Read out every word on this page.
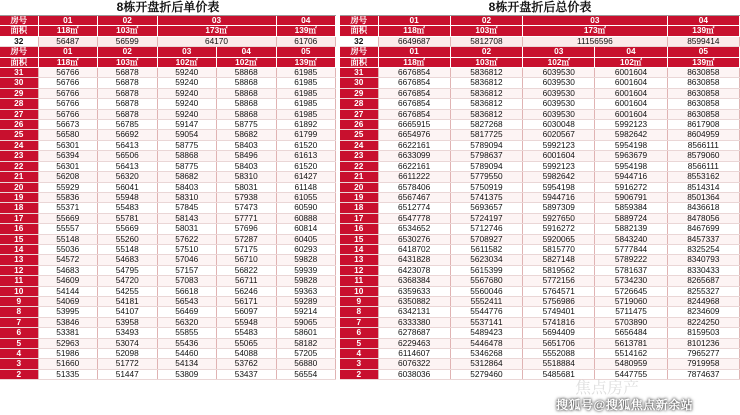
8栋开盘折后单价表
房号	01	02	03		04
面积	118㎡	103㎡	173㎡		139㎡
32	56487	56599	64170		61706
房号	01	02	03	04	05
面积	118㎡	103㎡	102㎡	102㎡	139㎡
31	56766	56878	59240	58868	61985
30	56766	56878	59240	58868	61985
29	56766	56878	59240	58868	61985
28	56766	56878	59240	58868	61985
27	56766	56878	59240	58868	61985
26	56673	56785	59147	58775	61892
25	56580	56692	59054	58682	61799
24	56301	56413	58775	58403	61520
23	56394	56506	58868	58496	61613
22	56301	56413	58775	58403	61520
21	56208	56320	58682	58310	61427
20	55929	56041	58403	58031	61148
19	55836	55948	58310	57938	61055
18	55371	55483	57845	57473	60590
17	55669	55781	58143	57771	60888
16	55557	55669	58031	57696	60814
15	55148	55260	57622	57287	60405
14	55036	55148	57510	57175	60293
13	54572	54683	57046	56710	59828
12	54683	54795	57157	56822	59939
11	54609	54720	57083	56711	59828
10	54144	54255	56618	56246	59363
9	54069	54181	56543	56171	59289
8	53995	54107	56469	56097	59214
7	53846	53958	56320	55948	59065
6	53381	53493	55855	55483	58601
5	52963	53074	55436	55065	58182
4	51986	52098	54460	54088	57205
3	51660	51772	54134	53762	56880
2	51335	51447	53809	53437	56554
8栋开盘折后总价表
房号	01	02	03		04
面积	118㎡	103㎡	173㎡		139㎡
32	6649687	5812708	11156596		8599414
房号	01	02	03	04	05
面积	118㎡	103㎡	102㎡	102㎡	139㎡
31	6676854	5836812	6039530	6001604	8630858
30	6676854	5836812	6039530	6001604	8630858
29	6676854	5836812	6039530	6001604	8630858
28	6676854	5836812	6039530	6001604	8630858
27	6676854	5836812	6039530	6001604	8630858
26	6665915	5827268	6030048	5992123	8617908
25	6654976	5817725	6020567	5982642	8604959
24	6622161	5789094	5992123	5954198	8566111
23	6633099	5798637	6001604	5963679	8579060
22	6622161	5789094	5992123	5954198	8566111
21	6611222	5779550	5982642	5944716	8553162
20	6578406	5750919	5954198	5916272	8514314
19	6567467	5741375	5944716	5906791	8501364
18	6512774	5693657	5897309	5859384	8436618
17	6547778	5724197	5927650	5889724	8478056
16	6534652	5712746	5916272	5882139	8467699
15	6530276	5708927	5920065	5843240	8457337
14	6418702	5611582	5815770	5777844	8325254
13	6431828	5623034	5827148	5789222	8340793
12	6423078	5615399	5819562	5781637	8330433
11	6368384	5567680	5772156	5734230	8265687
10	6359633	5560046	5764571	5726645	8255327
9	6350882	5552411	5756986	5719060	8244968
8	6342131	5544776	5749401	5711475	8234609
7	6333380	5537141	5741816	5703890	8224250
6	6278687	5489423	5694409	5656484	8159503
5	6229463	5446478	5651706	5613781	8101236
4	6114607	5346268	5552088	5514162	7965277
3	6076322	5312864	5518884	5480959	7919958
2	6038036	5279460	5485681	5447755	7874637
焦点房产
搜狐号@搜狐焦点新余站
